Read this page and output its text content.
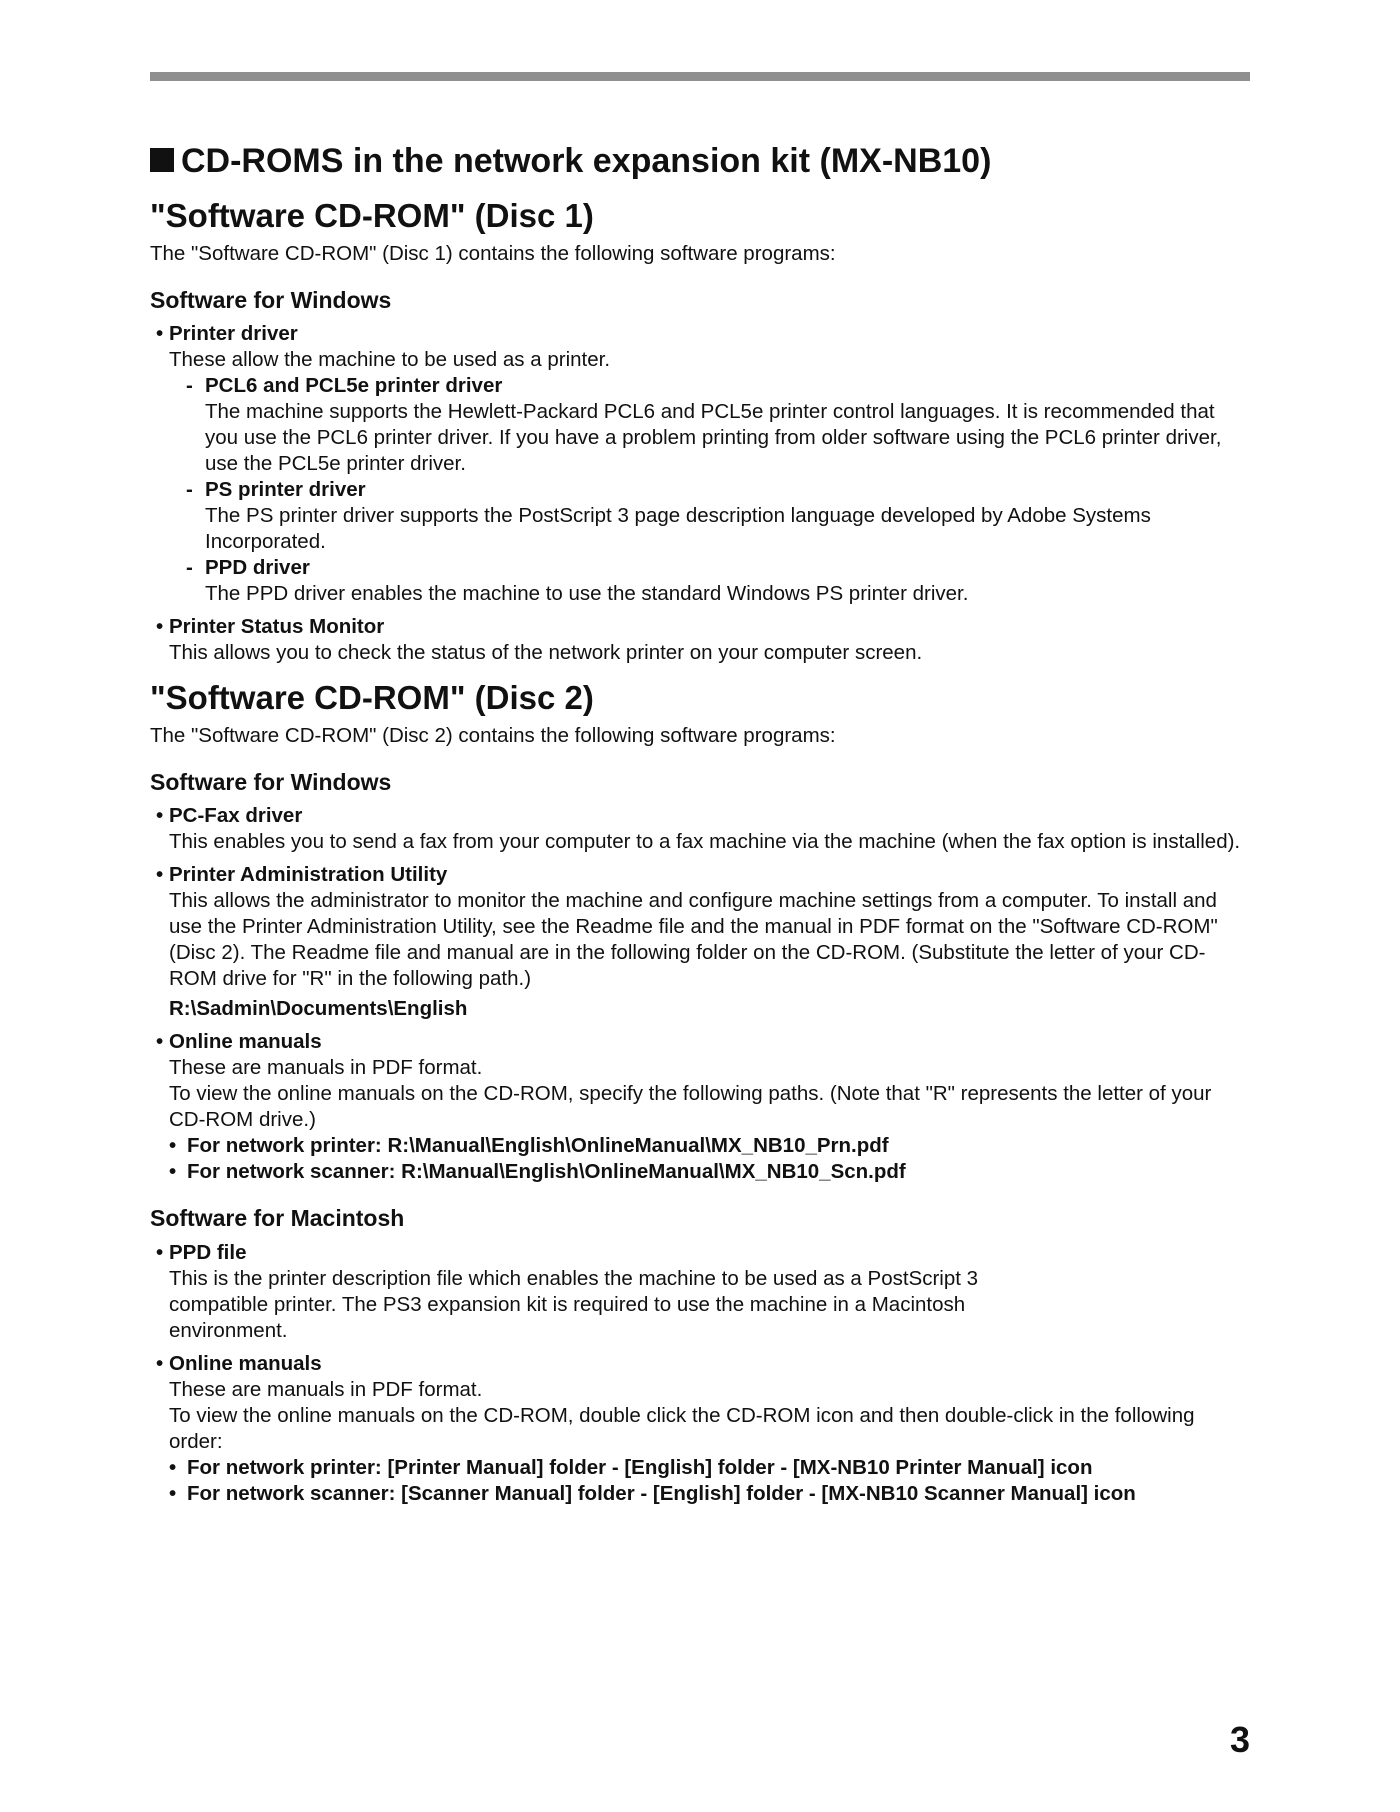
CD-ROMS in the network expansion kit (MX-NB10)
"Software CD-ROM" (Disc 1)

The "Software CD-ROM" (Disc 1) contains the following software programs:

Software for Windows
• Printer driver
These allow the machine to be used as a printer.
- PCL6 and PCL5e printer driver
The machine supports the Hewlett-Packard PCL6 and PCL5e printer control languages. It is recommended that you use the PCL6 printer driver. If you have a problem printing from older software using the PCL6 printer driver, use the PCL5e printer driver.
- PS printer driver
The PS printer driver supports the PostScript 3 page description language developed by Adobe Systems Incorporated.
- PPD driver
The PPD driver enables the machine to use the standard Windows PS printer driver.
• Printer Status Monitor
This allows you to check the status of the network printer on your computer screen.
"Software CD-ROM" (Disc 2)

The "Software CD-ROM" (Disc 2) contains the following software programs:

Software for Windows
• PC-Fax driver
This enables you to send a fax from your computer to a fax machine via the machine (when the fax option is installed).
• Printer Administration Utility
This allows the administrator to monitor the machine and configure machine settings from a computer. To install and use the Printer Administration Utility, see the Readme file and the manual in PDF format on the "Software CD-ROM" (Disc 2). The Readme file and manual are in the following folder on the CD-ROM. (Substitute the letter of your CD-ROM drive for "R" in the following path.)
R:\Sadmin\Documents\English
• Online manuals
These are manuals in PDF format.
To view the online manuals on the CD-ROM, specify the following paths. (Note that "R" represents the letter of your CD-ROM drive.)
• For network printer: R:\Manual\English\OnlineManual\MX_NB10_Prn.pdf
• For network scanner: R:\Manual\English\OnlineManual\MX_NB10_Scn.pdf
Software for Macintosh
• PPD file
This is the printer description file which enables the machine to be used as a PostScript 3 compatible printer. The PS3 expansion kit is required to use the machine in a Macintosh environment.
• Online manuals
These are manuals in PDF format.
To view the online manuals on the CD-ROM, double click the CD-ROM icon and then double-click in the following order:
• For network printer: [Printer Manual] folder - [English] folder - [MX-NB10 Printer Manual] icon
• For network scanner: [Scanner Manual] folder - [English] folder - [MX-NB10 Scanner Manual] icon
3
